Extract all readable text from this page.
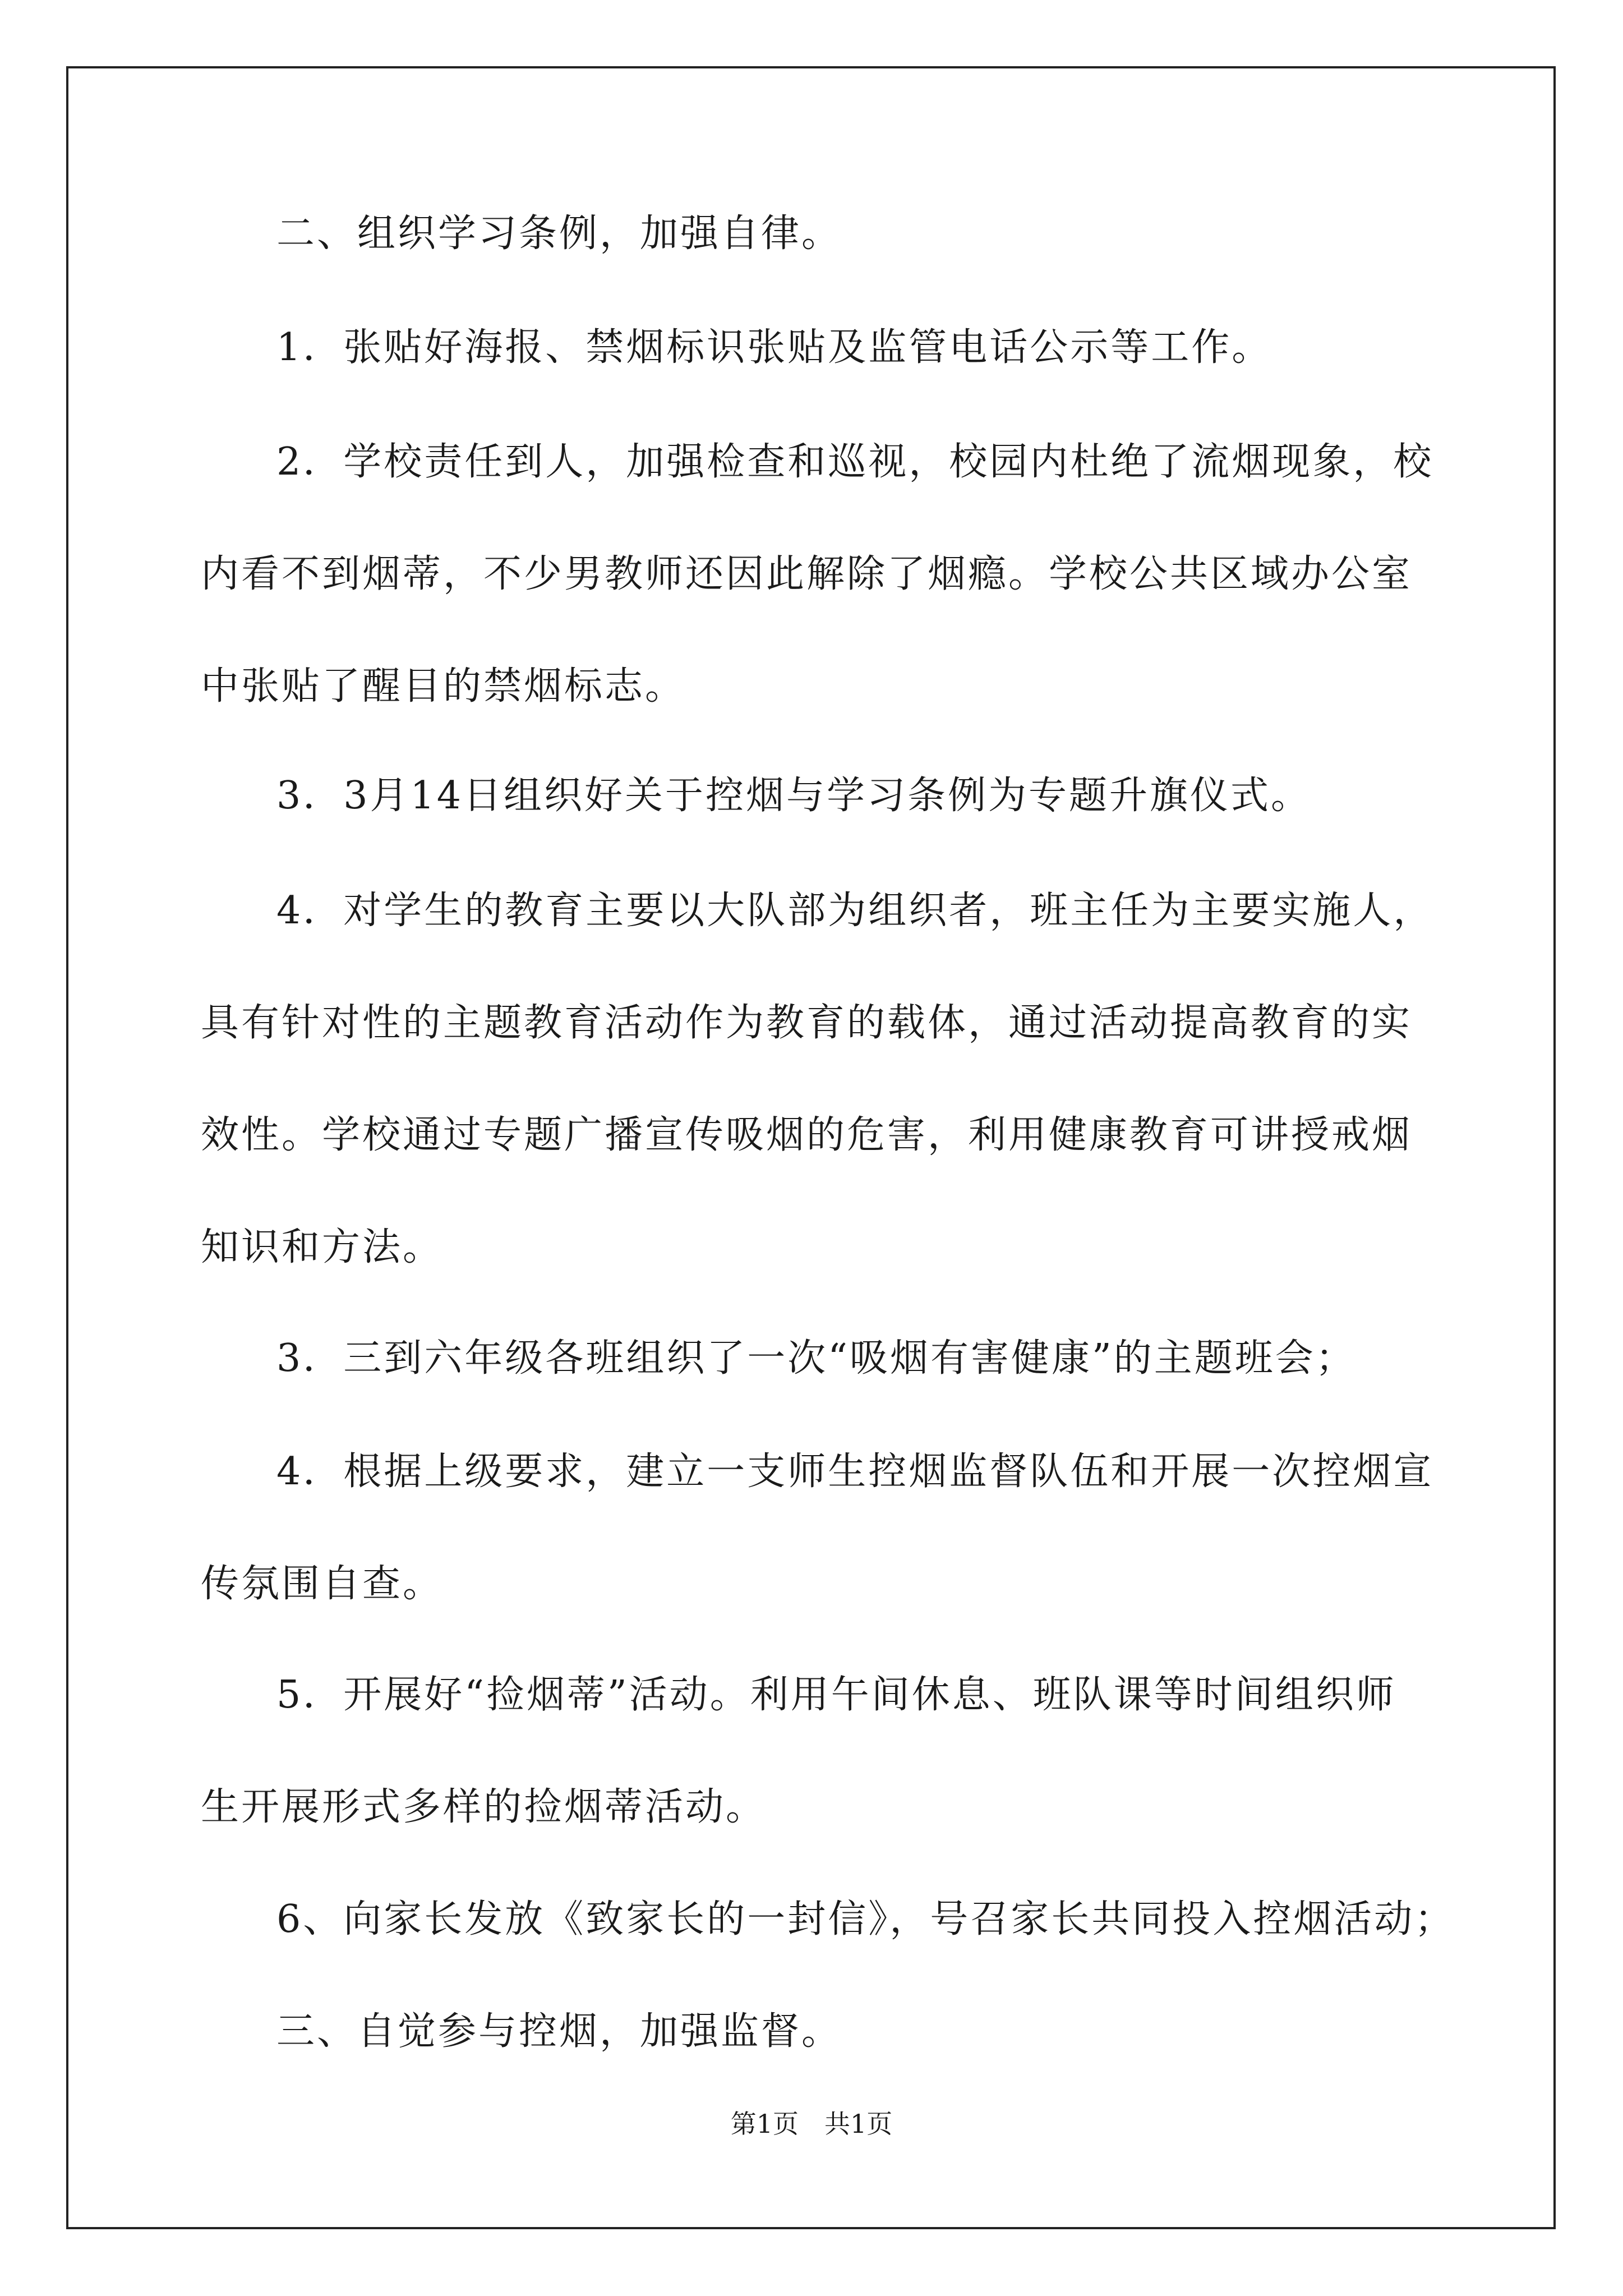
二、组织学习条例，加强自律。
1．张贴好海报、禁烟标识张贴及监管电话公示等工作。
2．学校责任到人，加强检查和巡视，校园内杜绝了流烟现象，校
内看不到烟蒂，不少男教师还因此解除了烟瘾。学校公共区域办公室
中张贴了醒目的禁烟标志。
3．3月14日组织好关于控烟与学习条例为专题升旗仪式。
4．对学生的教育主要以大队部为组织者，班主任为主要实施人，
具有针对性的主题教育活动作为教育的载体，通过活动提高教育的实
效性。学校通过专题广播宣传吸烟的危害，利用健康教育可讲授戒烟
知识和方法。
3．三到六年级各班组织了一次“吸烟有害健康”的主题班会；
4．根据上级要求，建立一支师生控烟监督队伍和开展一次控烟宣
传氛围自查。
5．开展好“捡烟蒂”活动。利用午间休息、班队课等时间组织师
生开展形式多样的捡烟蒂活动。
6、向家长发放《致家长的一封信》，号召家长共同投入控烟活动；
三、自觉参与控烟，加强监督。
第1页 共1页
